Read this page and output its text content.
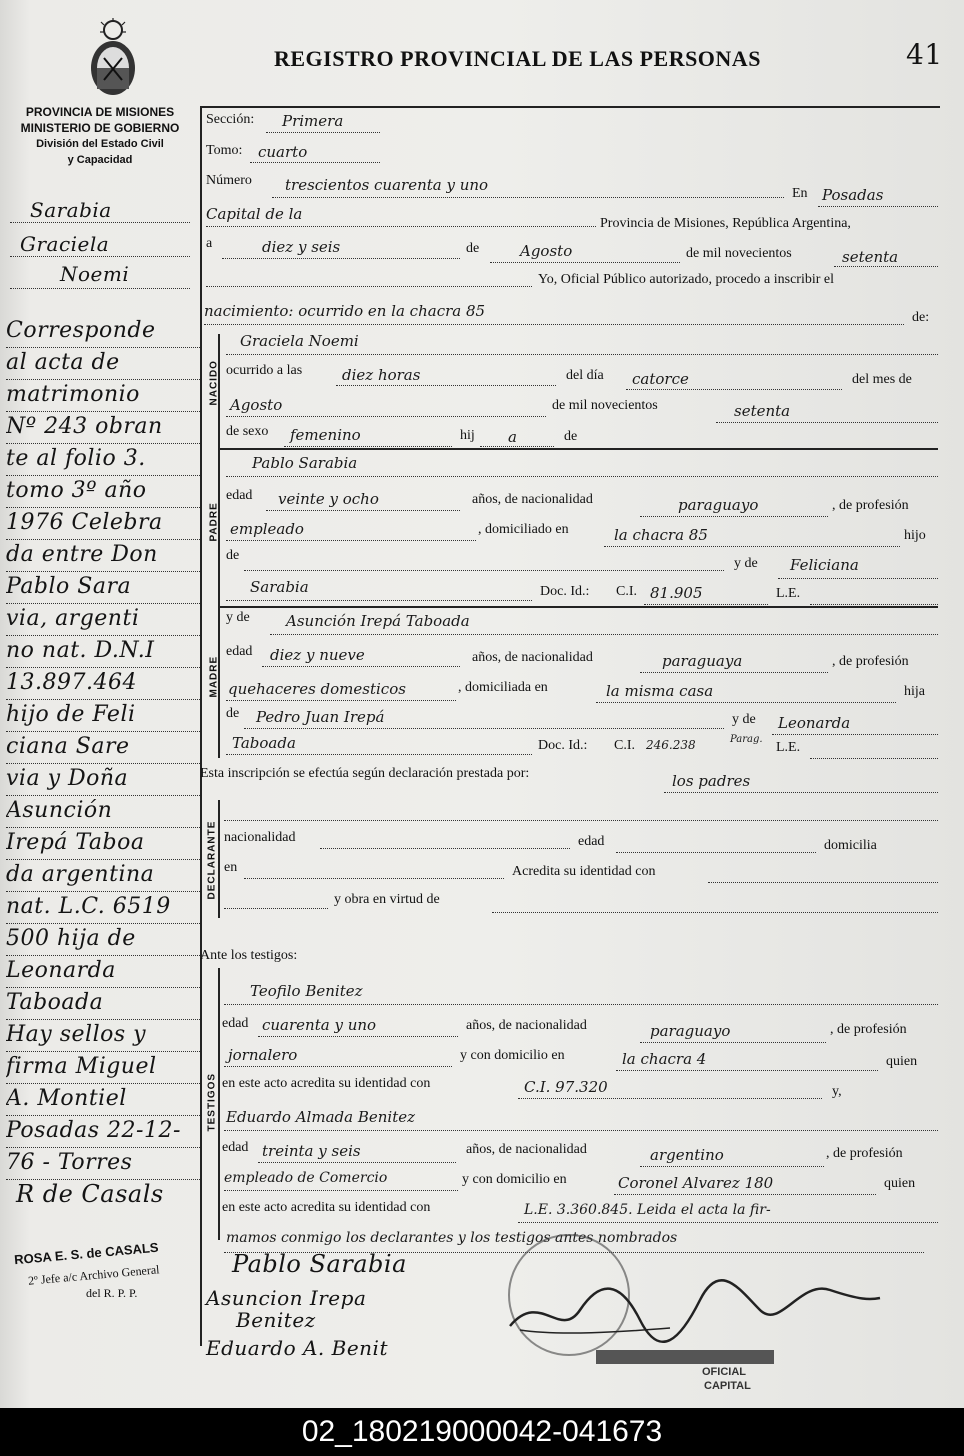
REGISTRO PROVINCIAL DE LAS PERSONAS	41
PROVINCIA DE MISIONES
MINISTERIO DE GOBIERNO
División del Estado Civil
y Capacidad
Sección: Primera
Tomo: cuarto
Número trescientos cuarenta y uno	En Posadas
Capital de la
Provincia de Misiones, República Argentina,
a	diez y seis	de	Agosto	de mil novecientos	setenta
Yo, Oficial Público autorizado, procedo a inscribir el
nacimiento: ocurrido en la chacra 85	de:
NACIDO
Graciela Noemi
ocurrido a las	diez horas	del día catorce	del mes de
Agosto	de mil novecientos	setenta
de sexo femenino	hij a	de
PADRE
Pablo Sarabia
edad veinte y ocho	años, de nacionalidad	paraguayo	, de profesión
empleado	, domiciliado en	la chacra 85	hijo
de
y de Feliciana
Sarabia	Doc. Id.: C.I. 81.905	L.E.
MADRE
y de Asunción Irepá Taboada
edad diez y nueve	años, de nacionalidad	paraguaya	, de profesión
quehaceres domesticos	, domiciliada en	la misma casa	hija
de Pedro Juan Irepá	y de Leonarda
Taboada	Doc. Id.: C.I. 246.238	Parag.
L.E.
Esta inscripción se efectúa según declaración prestada por:	los padres
DECLARANTE nacionalidad	edad	domicilia
en	Acredita su identidad con
y obra en virtud de
Ante los testigos:
TESTIGOS
Teofilo Benitez
edad cuarenta y uno	años, de nacionalidad	paraguayo	, de profesión
jornalero	y con domicilio en	la chacra 4	quien
en este acto acredita su identidad con	C.I. 97.320	y,
Eduardo Almada Benitez
edad treinta y seis	años, de nacionalidad	argentino	, de profesión
empleado de Comercio	y con domicilio en	Coronel Alvarez 180	quien
en este acto acredita su identidad con	L.E. 3.360.845. Leida el acta la fir-
mamos conmigo los declarantes y los testigos antes nombrados
Sarabia
Graciela
Noemi
Corresponde
al acta de
matrimonio
Nº 243 obran
te al folio 3.
tomo 3º año
1976 Celebra
da entre Don
Pablo Sara
via, argenti
no nat. D.N.I
13.897.464
hijo de Feli
ciana Sare
via y Doña
Asunción
Irepá Taboa
da argentina
nat. L.C. 6519
500 hija de
Leonarda
Taboada
Hay sellos y
firma Miguel
A. Montiel
Posadas 22-12-
76 - Torres
R de Casals
ROSA E. S. de CASALS
2º Jefe a/c Archivo General
del R. P. P.
Pablo Sarabia
Asuncion Irepa
Benitez
Eduardo A. Benit
OFICIAL
CAPITAL
02_180219000042-041673
